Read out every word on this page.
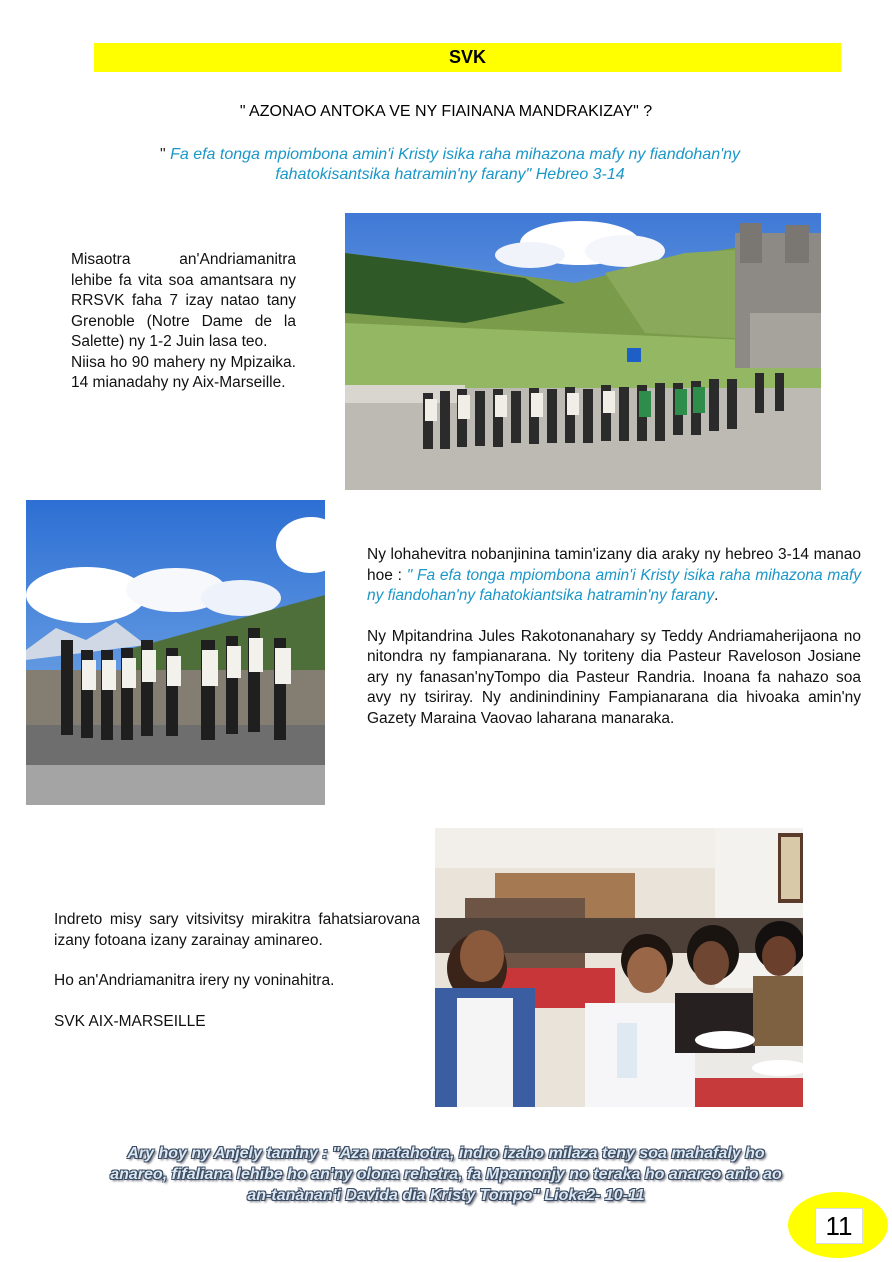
SVK
" AZONAO ANTOKA VE NY FIAINANA MANDRAKIZAY" ?
" Fa efa tonga mpiombona amin'i Kristy isika raha mihazona mafy ny fiandohan'ny
fahatokisantsika hatramin'ny farany" Hebreo 3-14

Misaotra an'Andriamanitra lehibe fa vita soa amantsara ny RRSVK faha 7 izay natao tany Grenoble (Notre Dame de la Salette) ny 1-2 Juin lasa teo.

Niisa ho 90 mahery ny Mpizaika. 14 mianadahy ny Aix-Marseille.

Ny lohahevitra nobanjinina tamin'izany dia araky ny hebreo 3-14 manao hoe : " Fa efa tonga mpiombona amin'i Kristy isika raha mihazona mafy ny fiandohan'ny fahatokiantsika hatramin'ny farany.

Ny Mpitandrina Jules Rakotonanahary sy Teddy Andriamaherijaona no nitondra ny fampianarana. Ny toriteny dia Pasteur Raveloson Josiane ary ny fanasan'nyTompo dia Pasteur Randria. Inoana fa nahazo soa avy ny tsiriray. Ny andinindininy Fampianarana dia hivoaka amin'ny Gazety Maraina Vaovao laharana manaraka.

Indreto misy sary vitsivitsy mirakitra fahatsiarovana izany fotoana izany zarainay aminareo.

Ho an'Andriamanitra irery ny voninahitra.

SVK AIX-MARSEILLE

Ary hoy ny Anjely taminy : "Aza matahotra, indro izaho milaza teny soa mahafaly ho
anareo, fifaliana lehibe ho an'ny olona rehetra, fa Mpamonjy no teraka ho anareo anio ao
an-tanànan'i Davida dia Kristy Tompo" Lioka2- 10-11
11
